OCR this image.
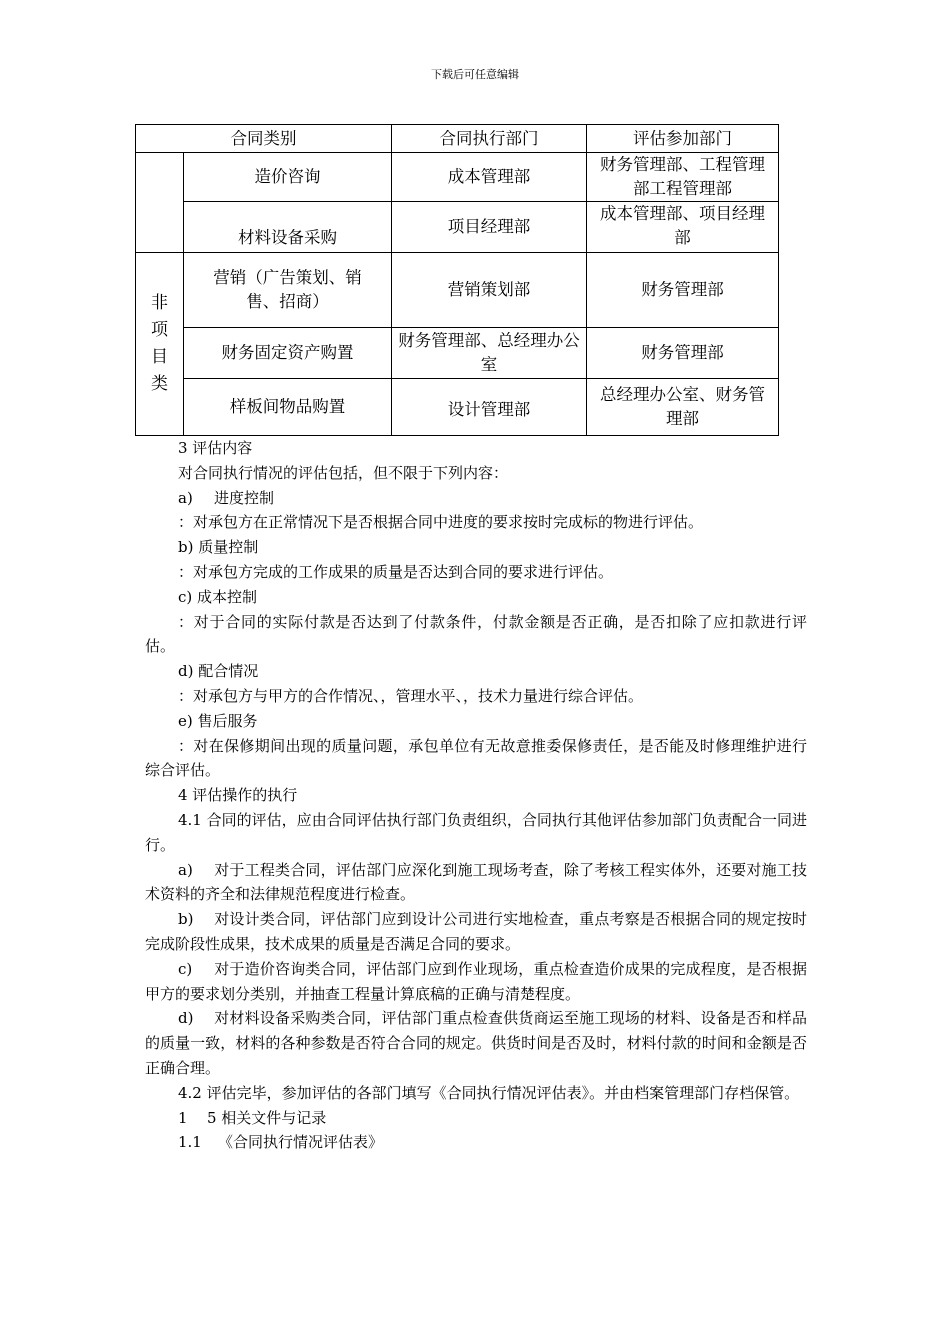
下载后可任意编辑
合同类别		合同执行部门	评估参加部门
	造价咨询	成本管理部	财务管理部、工程管理部工程管理部
	材料设备采购	项目经理部	成本管理部、项目经理部

非项目类	营销（广告策划、销售、招商）	营销策划部	财务管理部
	财务固定资产购置	财务管理部、总经理办公室	财务管理部
	样板间物品购置	设计管理部	总经理办公室、财务管理部

3 评估内容

对合同执行情况的评估包括，但不限于下列内容：

a) 进度控制

：对承包方在正常情况下是否根据合同中进度的要求按时完成标的物进行评估。

b) 质量控制

：对承包方完成的工作成果的质量是否达到合同的要求进行评估。

c) 成本控制

：对于合同的实际付款是否达到了付款条件，付款金额是否正确，是否扣除了应扣款进行评估。

d) 配合情况

：对承包方与甲方的合作情况、，管理水平、，技术力量进行综合评估。

e) 售后服务

：对在保修期间出现的质量问题，承包单位有无故意推委保修责任，是否能及时修理维护进行综合评估。

4 评估操作的执行

4.1 合同的评估，应由合同评估执行部门负责组织，合同执行其他评估参加部门负责配合一同进行。

a) 对于工程类合同，评估部门应深化到施工现场考查，除了考核工程实体外，还要对施工技术资料的齐全和法律规范程度进行检查。

b) 对设计类合同，评估部门应到设计公司进行实地检查，重点考察是否根据合同的规定按时完成阶段性成果，技术成果的质量是否满足合同的要求。

c) 对于造价咨询类合同，评估部门应到作业现场，重点检查造价成果的完成程度，是否根据甲方的要求划分类别，并抽查工程量计算底稿的正确与清楚程度。

d) 对材料设备采购类合同，评估部门重点检查供货商运至施工现场的材料、设备是否和样品的质量一致，材料的各种参数是否符合合同的规定。供货时间是否及时，材料付款的时间和金额是否正确合理。

4.2 评估完毕，参加评估的各部门填写《合同执行情况评估表》。并由档案管理部门存档保管。

1 5 相关文件与记录

1.1 《合同执行情况评估表》
